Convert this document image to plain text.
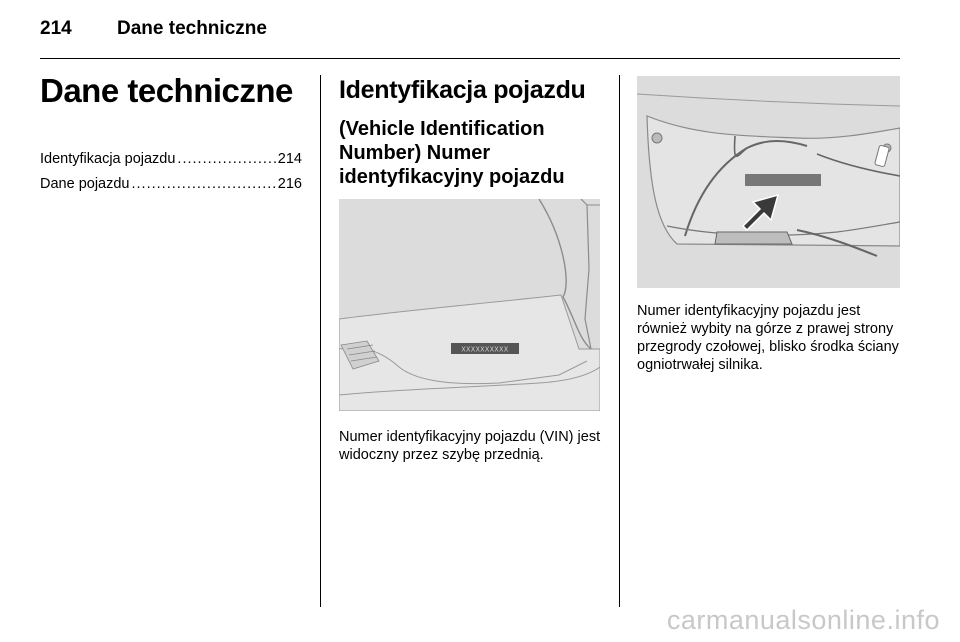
214 Dane techniczne
Dane techniczne
Identyfikacja pojazdu .....	214
Dane pojazdu .....	216
Identyfikacja pojazdu
(Vehicle Identification Number) Numer identyfikacyjny pojazdu
XXXXXXXXXX
Numer identyfikacyjny pojazdu (VIN) jest widoczny przez szybę przednią.
Numer identyfikacyjny pojazdu jest również wybity na górze z prawej strony przegrody czołowej, blisko środka ściany ogniotrwałej silnika.
carmanualsonline.info
